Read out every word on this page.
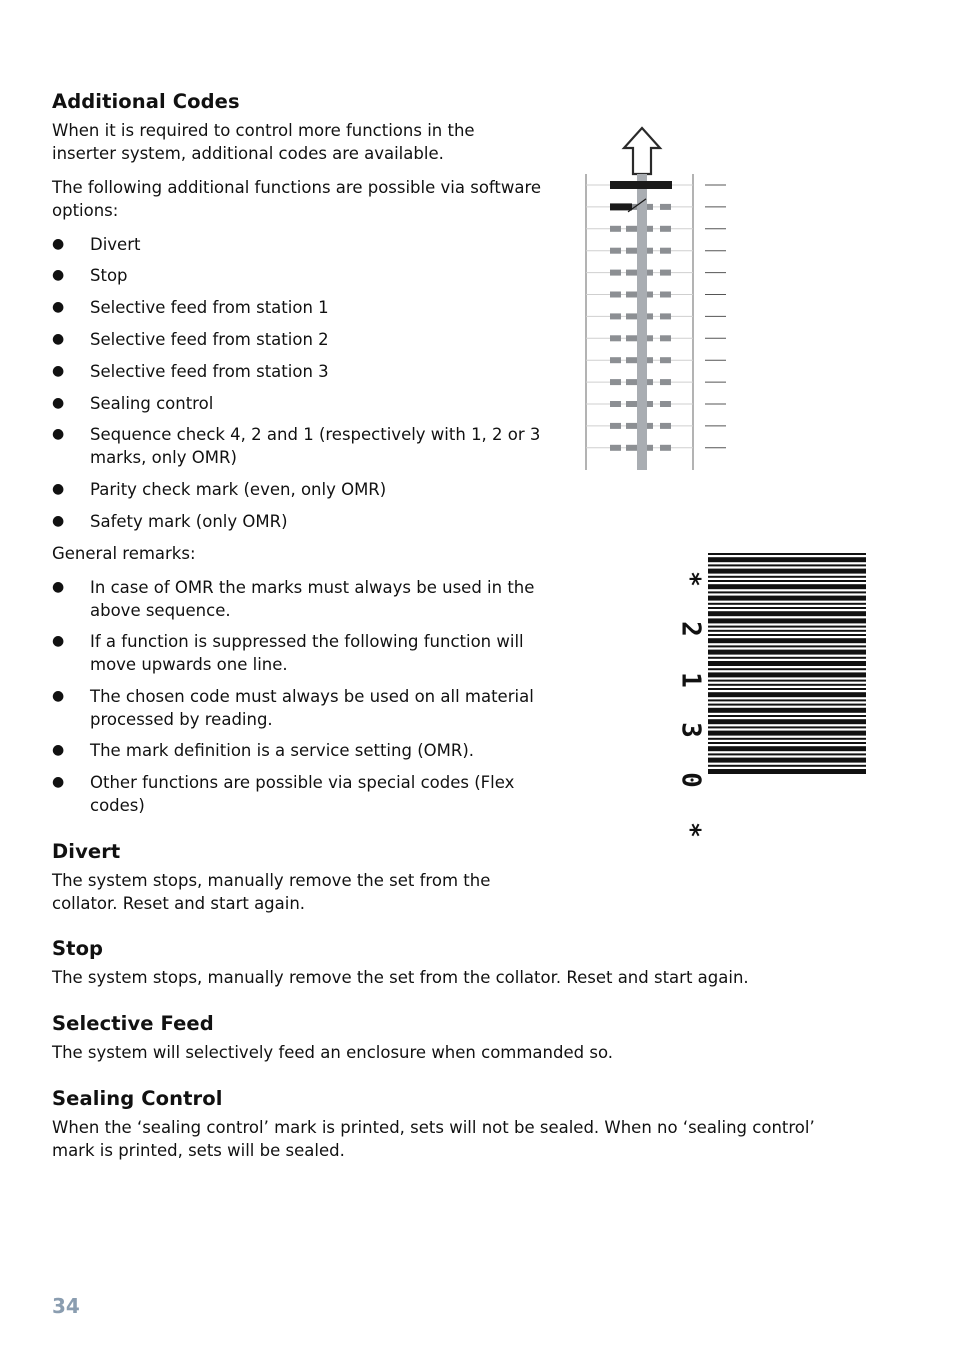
Additional Codes

When it is required to control more functions in the inserter system, additional codes are available.

The following additional functions are possible via software options:

● Divert
● Stop
● Selective feed from station 1
● Selective feed from station 2
● Selective feed from station 3
● Sealing control
● Sequence check 4, 2 and 1 (respectively with 1, 2 or 3 marks, only OMR)
● Parity check mark (even, only OMR)
● Safety mark (only OMR)

General remarks:

● In case of OMR the marks must always be used in the above sequence.
● If a function is suppressed the following function will move upwards one line.
● The chosen code must always be used on all material processed by reading.
● The mark definition is a service setting (OMR).
● Other functions are possible via special codes (Flex codes)
Divert

The system stops, manually remove the set from the collator. Reset and start again.

Stop

The system stops, manually remove the set from the collator. Reset and start again.

Selective Feed

The system will selectively feed an enclosure when commanded so.

Sealing Control

When the ‘sealing control’ mark is printed, sets will not be sealed. When no ‘sealing control’ mark is printed, sets will be sealed.

*
2
1
3
0
*
34
